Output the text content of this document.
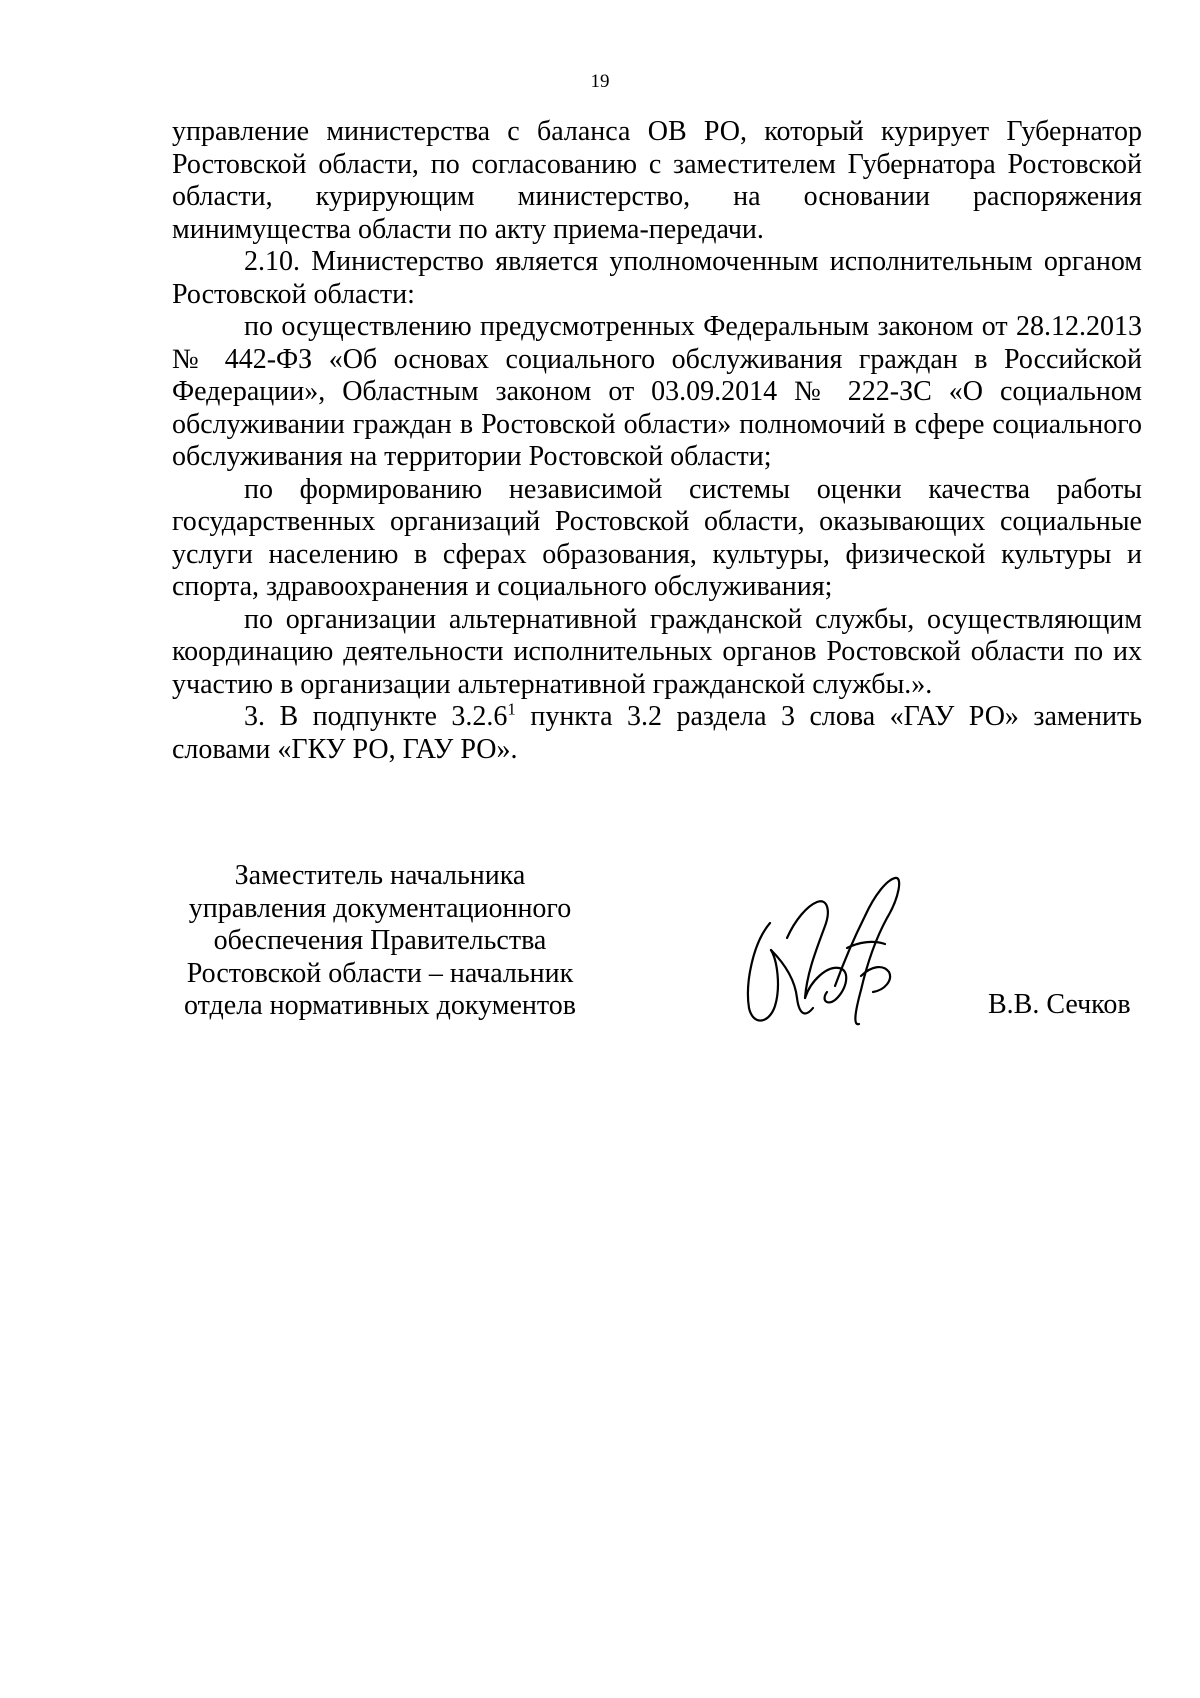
19

управление министерства с баланса ОВ РО, который курирует Губернатор Ростовской области, по согласованию с заместителем Губернатора Ростовской области, курирующим министерство, на основании распоряжения минимущества области по акту приема-передачи.

2.10. Министерство является уполномоченным исполнительным органом Ростовской области:

по осуществлению предусмотренных Федеральным законом от 28.12.2013 № 442-ФЗ «Об основах социального обслуживания граждан в Российской Федерации», Областным законом от 03.09.2014 № 222-ЗС «О социальном обслуживании граждан в Ростовской области» полномочий в сфере социального обслуживания на территории Ростовской области;

по формированию независимой системы оценки качества работы государственных организаций Ростовской области, оказывающих социальные услуги населению в сферах образования, культуры, физической культуры и спорта, здравоохранения и социального обслуживания;

по организации альтернативной гражданской службы, осуществляющим координацию деятельности исполнительных органов Ростовской области по их участию в организации альтернативной гражданской службы.».

3. В подпункте 3.2.6$^1$ пункта 3.2 раздела 3 слова «ГАУ РО» заменить словами «ГКУ РО, ГАУ РО».

Заместитель начальника
управления документационного
обеспечения Правительства
Ростовской области – начальник
отдела нормативных документов	В.В. Сечков
